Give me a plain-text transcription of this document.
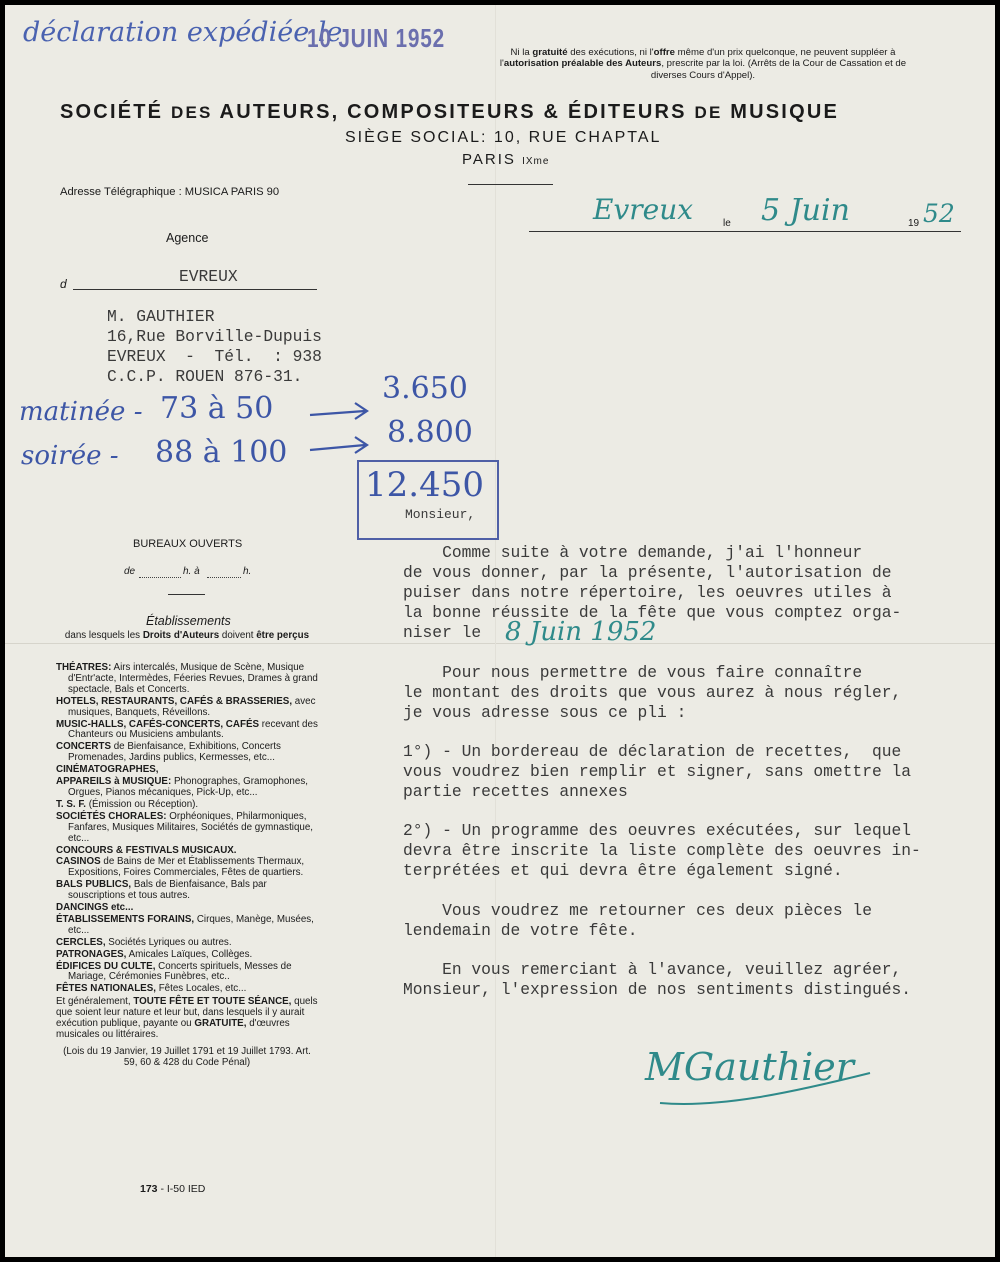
déclaration expédiée le
10 JUIN 1952	Ni la gratuité des exécutions, ni l'offre même d'un prix quelconque, ne peuvent suppléer à l'autorisation préalable des Auteurs, prescrite par la loi. (Arrêts de la Cour de Cassation et de diverses Cours d'Appel).
SOCIÉTÉ DES AUTEURS, COMPOSITEURS & ÉDITEURS DE MUSIQUE
SIÈGE SOCIAL: 10, RUE CHAPTAL
PARIS IXme
Adresse Télégraphique : MUSICA PARIS 90
Evreux	le 5 Juin	19 52
Agence
d	EVREUX
M. GAUTHIER
16,Rue Borville-Dupuis
EVREUX  -  Tél.  : 938
C.C.P. ROUEN 876-31.
matinée - 73 à 50
3.650
soirée - 88 à 100
8.800
12.450
Monsieur,
BUREAUX OUVERTS
de	h. à	h.
Établissements
dans lesquels les Droits d'Auteurs doivent être perçus

THÉATRES: Airs intercalés, Musique de Scène, Musique d'Entr'acte, Intermèdes, Féeries Revues, Drames à grand spectacle, Bals et Concerts.

HOTELS, RESTAURANTS, CAFÉS & BRASSERIES, avec musiques, Banquets, Réveillons.

MUSIC-HALLS, CAFÉS-CONCERTS, CAFÉS recevant des Chanteurs ou Musiciens ambulants.

CONCERTS de Bienfaisance, Exhibitions, Concerts Promenades, Jardins publics, Kermesses, etc...

CINÉMATOGRAPHES,

APPAREILS à MUSIQUE: Phonographes, Gramophones, Orgues, Pianos mécaniques, Pick-Up, etc...

T. S. F. (Émission ou Réception).

SOCIÉTÉS CHORALES: Orphéoniques, Philarmoniques, Fanfares, Musiques Militaires, Sociétés de gymnastique, etc...

CONCOURS & FESTIVALS MUSICAUX.

CASINOS de Bains de Mer et Établissements Thermaux, Expositions, Foires Commerciales, Fêtes de quartiers.

BALS PUBLICS, Bals de Bienfaisance, Bals par souscriptions et tous autres.

DANCINGS etc...

ÉTABLISSEMENTS FORAINS, Cirques, Manège, Musées, etc...

CERCLES, Sociétés Lyriques ou autres.

PATRONAGES, Amicales Laïques, Collèges.

ÉDIFICES DU CULTE, Concerts spirituels, Messes de Mariage, Cérémonies Funèbres, etc..

FÊTES NATIONALES, Fêtes Locales, etc...

Et généralement, TOUTE FÊTE ET TOUTE SÉANCE, quels que soient leur nature et leur but, dans lesquels il y aurait exécution publique, payante ou GRATUITE, d'œuvres musicales ou littéraires.

(Lois du 19 Janvier, 19 Juillet 1791 et 19 Juillet 1793. Art. 59, 60 & 428 du Code Pénal)

173 - I-50 IED
Comme suite à votre demande, j'ai l'honneur
de vous donner, par la présente, l'autorisation de
puiser dans notre répertoire, les oeuvres utiles à
la bonne réussite de la fête que vous comptez orga-
niser le 8 Juin 1952
Pour nous permettre de vous faire connaître
le montant des droits que vous aurez à nous régler,
je vous adresse sous ce pli :
1°) - Un bordereau de déclaration de recettes,  que
vous voudrez bien remplir et signer, sans omettre la
partie recettes annexes
2°) - Un programme des oeuvres exécutées, sur lequel
devra être inscrite la liste complète des oeuvres in-
terprétées et qui devra être également signé.
Vous voudrez me retourner ces deux pièces le
lendemain de votre fête.
En vous remerciant à l'avance, veuillez agréer,
Monsieur, l'expression de nos sentiments distingués.
MGauthier
